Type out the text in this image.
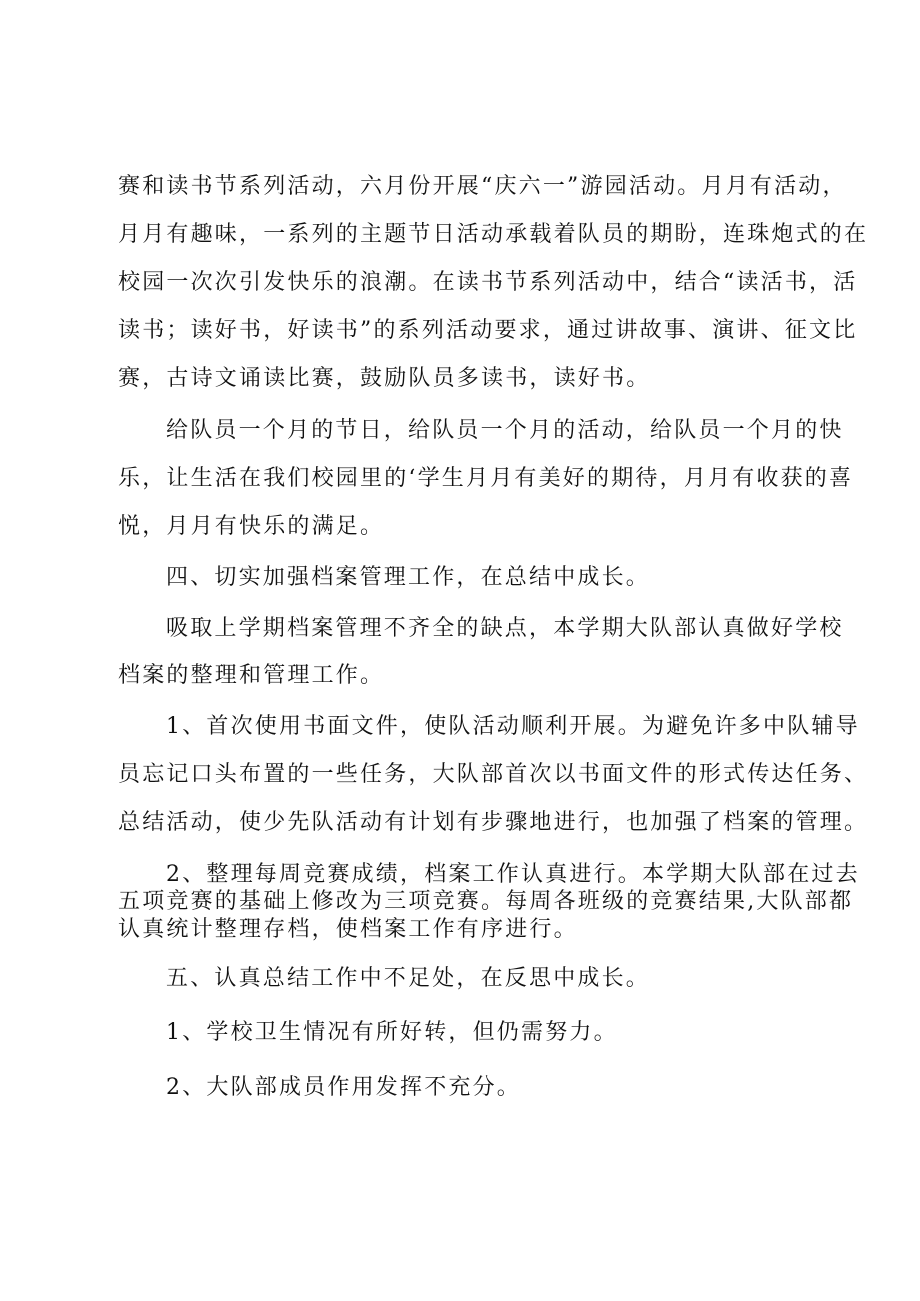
赛和读书节系列活动，六月份开展“庆六一”游园活动。月月有活动，
月月有趣味，一系列的主题节日活动承载着队员的期盼，连珠炮式的在
校园一次次引发快乐的浪潮。在读书节系列活动中，结合“读活书，活
读书；读好书，好读书”的系列活动要求，通过讲故事、演讲、征文比
赛，古诗文诵读比赛，鼓励队员多读书，读好书。
给队员一个月的节日，给队员一个月的活动，给队员一个月的快
乐，让生活在我们校园里的‘学生月月有美好的期待，月月有收获的喜
悦，月月有快乐的满足。
四、切实加强档案管理工作，在总结中成长。
吸取上学期档案管理不齐全的缺点，本学期大队部认真做好学校
档案的整理和管理工作。
1、首次使用书面文件，使队活动顺利开展。为避免许多中队辅导
员忘记口头布置的一些任务，大队部首次以书面文件的形式传达任务、
总结活动，使少先队活动有计划有步骤地进行，也加强了档案的管理。
2、整理每周竞赛成绩，档案工作认真进行。本学期大队部在过去
五项竞赛的基础上修改为三项竞赛。每周各班级的竞赛结果,大队部都
认真统计整理存档，使档案工作有序进行。
五、认真总结工作中不足处，在反思中成长。
1、学校卫生情况有所好转，但仍需努力。
2、大队部成员作用发挥不充分。
